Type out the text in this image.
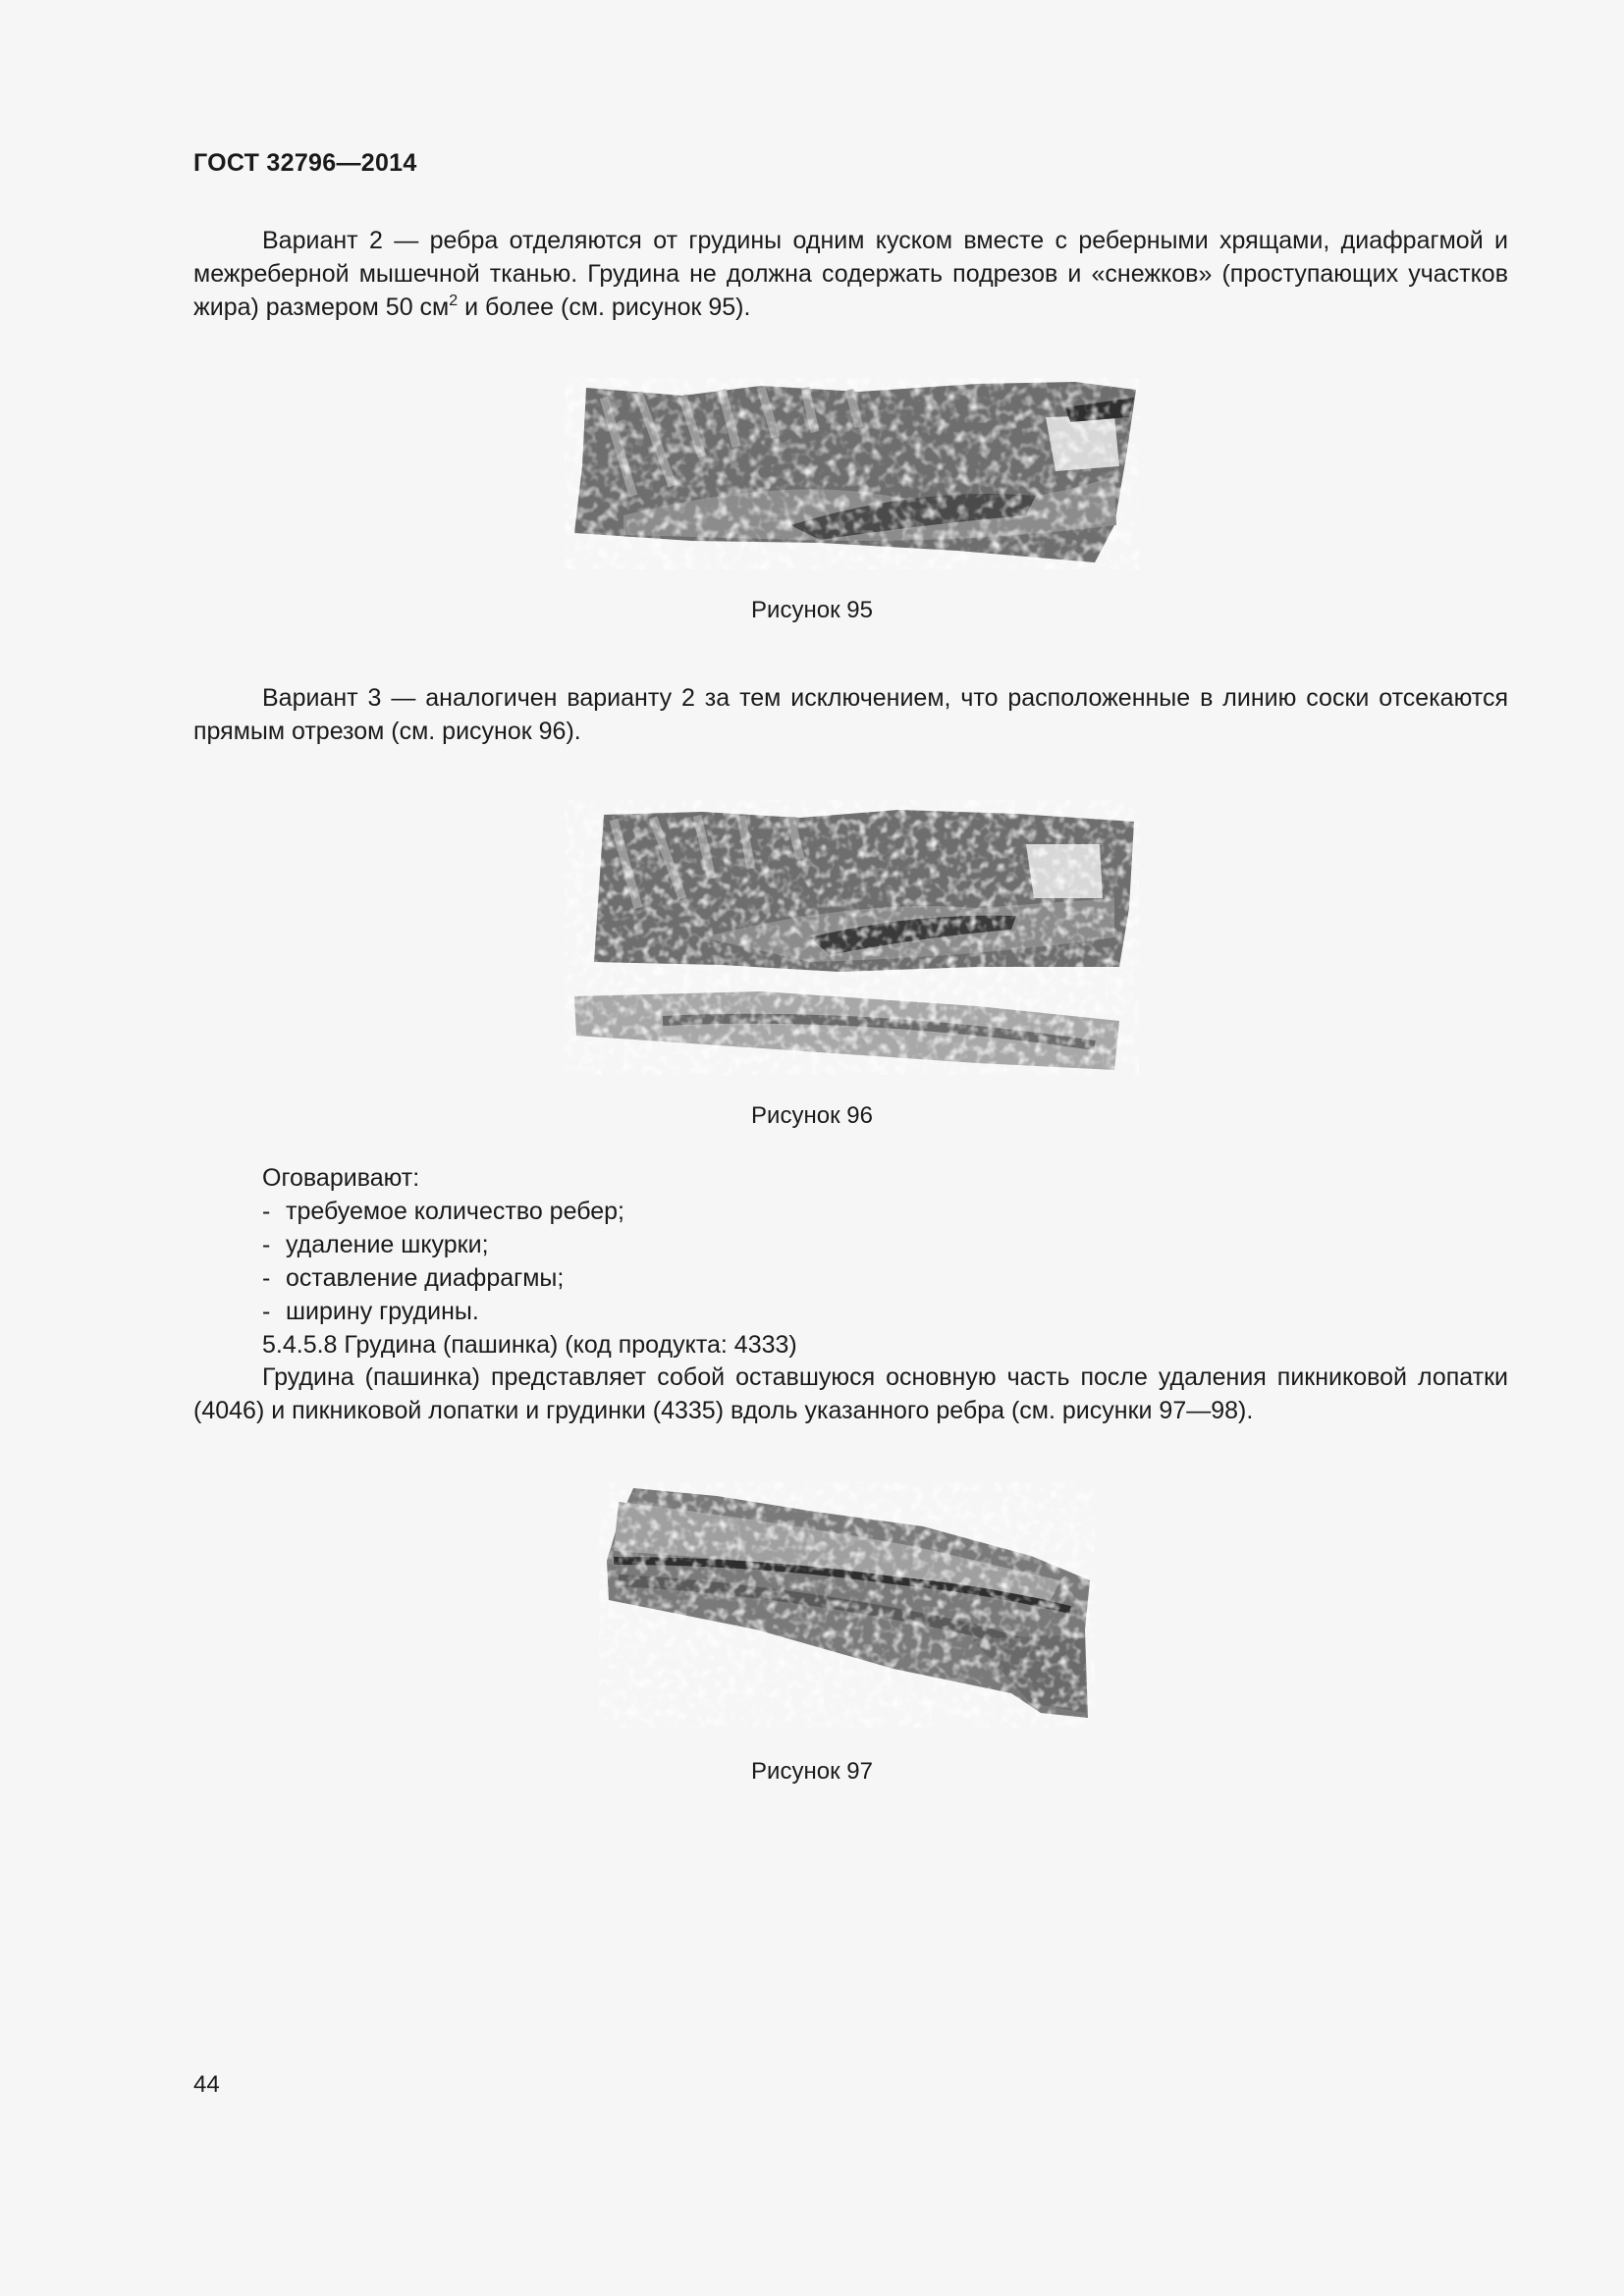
ГОСТ 32796—2014
Вариант 2 — ребра отделяются от грудины одним куском вместе с реберными хрящами, диафрагмой и межреберной мышечной тканью. Грудина не должна содержать подрезов и «снежков» (проступающих участков жира) размером 50 $см^2$ и более (см. рисунок 95).
Рисунок 95
Вариант 3 — аналогичен варианту 2 за тем исключением, что расположенные в линию соски отсекаются прямым отрезом (см. рисунок 96).
Рисунок 96
Оговаривают:
- требуемое количество ребер;
- удаление шкурки;
- оставление диафрагмы;
- ширину грудины.
5.4.5.8 Грудина (пашинка) (код продукта: 4333)
Грудина (пашинка) представляет собой оставшуюся основную часть после удаления пикниковой лопатки (4046) и пикниковой лопатки и грудинки (4335) вдоль указанного ребра (см. рисунки 97—98).
Рисунок 97
44
